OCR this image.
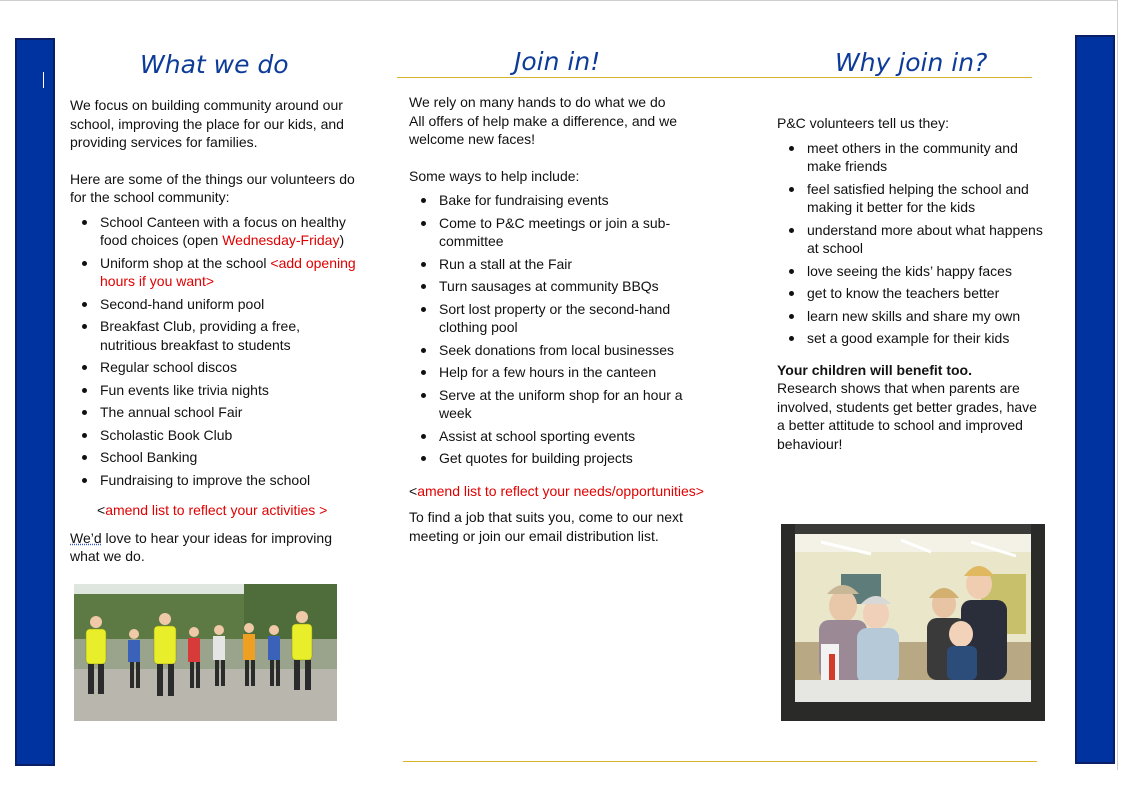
What we do

We focus on building community around our school, improving the place for our kids, and providing services for families.

Here are some of the things our volunteers do for the school community:

School Canteen with a focus on healthy food choices (open Wednesday-Friday)
Uniform shop at the school <add opening hours if you want>
Second-hand uniform pool
Breakfast Club, providing a free, nutritious breakfast to students
Regular school discos
Fun events like trivia nights
The annual school Fair
Scholastic Book Club
School Banking
Fundraising to improve the school

<amend list to reflect your activities >

We’d love to hear your ideas for improving what we do.

Join in!

We rely on many hands to do what we do

All offers of help make a difference, and we welcome new faces!

Some ways to help include:

Bake for fundraising events
Come to P&C meetings or join a sub-committee
Run a stall at the Fair
Turn sausages at community BBQs
Sort lost property or the second-hand clothing pool
Seek donations from local businesses
Help for a few hours in the canteen
Serve at the uniform shop for an hour a week
Assist at school sporting events
Get quotes for building projects

<amend list to reflect your needs/opportunities>

To find a job that suits you, come to our next meeting or join our email distribution list.

Why join in?

P&C volunteers tell us they:

meet others in the community and make friends
feel satisfied helping the school and making it better for the kids
understand more about what happens at school
love seeing the kids’ happy faces
get to know the teachers better
learn new skills and share my own
set a good example for their kids

Your children will benefit too.

Research shows that when parents are involved, students get better grades, have a better attitude to school and improved behaviour!
